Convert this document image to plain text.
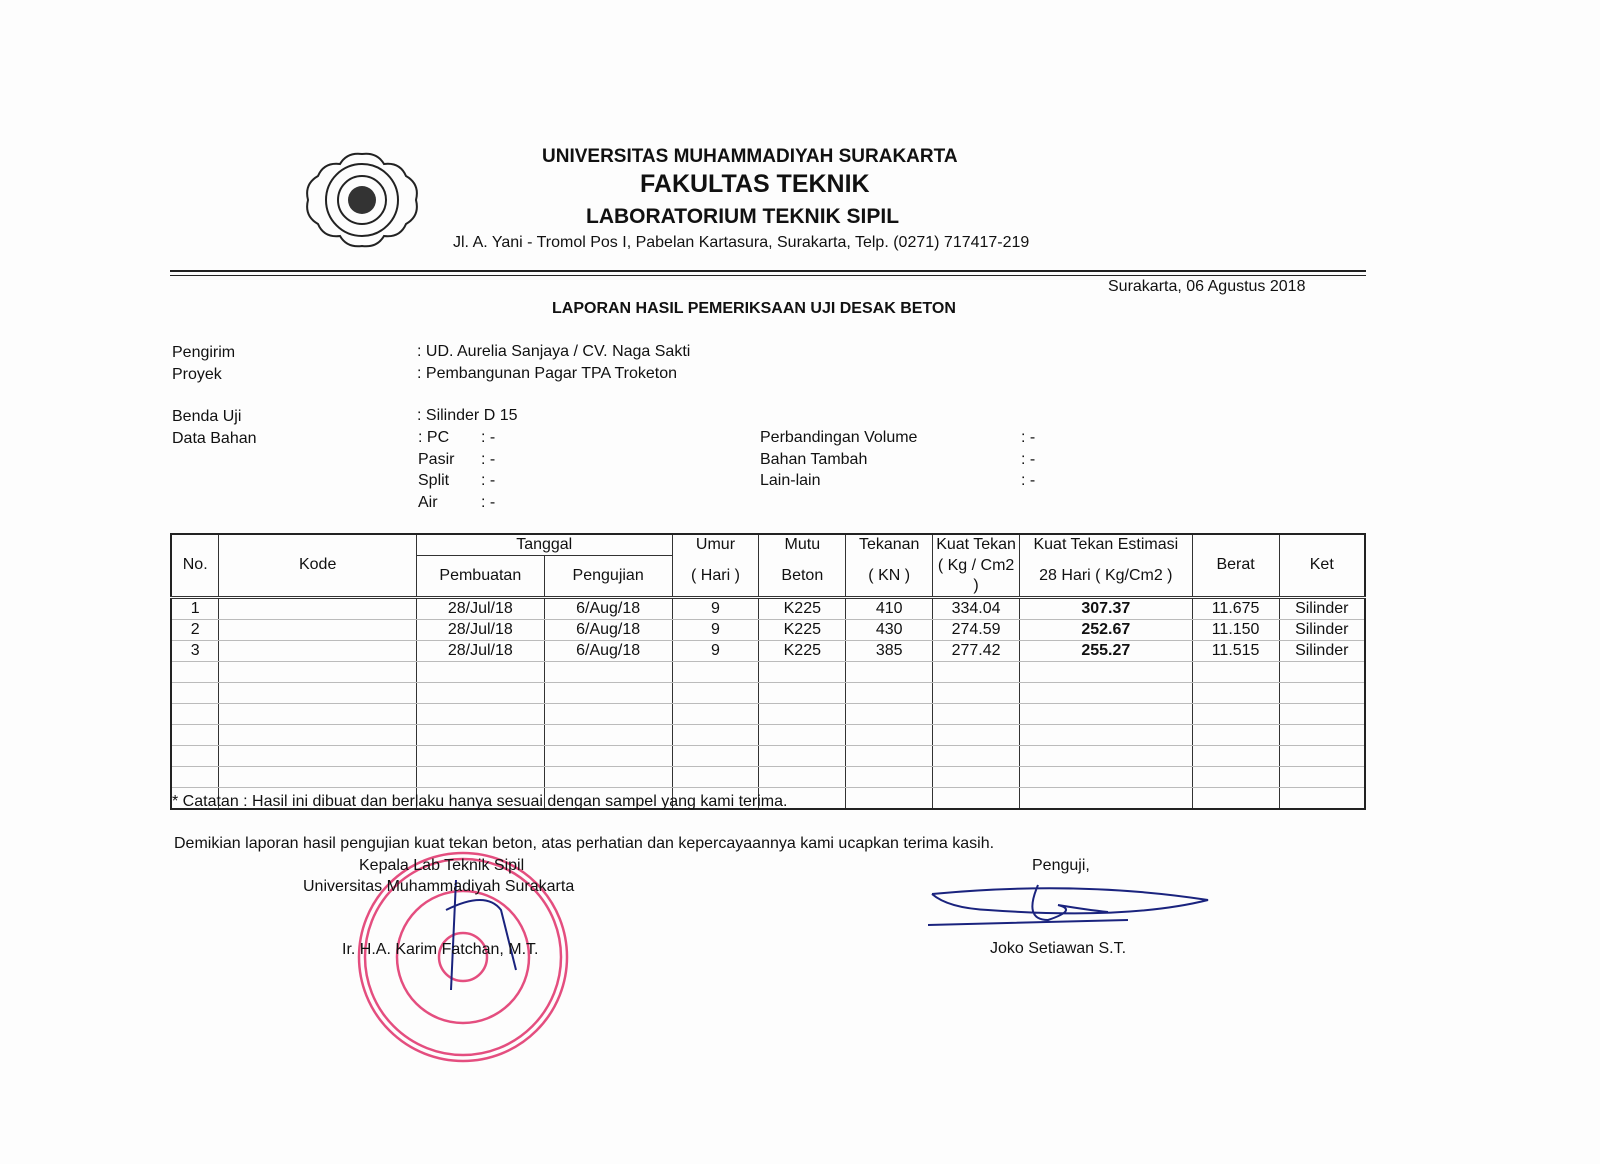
UNIVERSITAS MUHAMMADIYAH SURAKARTA
FAKULTAS TEKNIK
LABORATORIUM TEKNIK SIPIL
Jl. A. Yani - Tromol Pos I, Pabelan Kartasura, Surakarta, Telp. (0271) 717417-219
Surakarta, 06 Agustus 2018
LAPORAN HASIL PEMERIKSAAN UJI DESAK BETON
Pengirim	: UD. Aurelia Sanjaya / CV. Naga Sakti
Proyek	: Pembangunan Pagar TPA Troketon
Benda Uji	: Silinder D 15
Data Bahan	: PC : -
Pasir : -
Split : -
Air	: -
Perbandingan Volume	: -
Bahan Tambah	: -
Lain-lain	: -
No.	Kode	Tanggal		Umur	Mutu	Tekanan	Kuat Tekan	Kuat Tekan Estimasi	Berat	Ket
		Pembuatan	Pengujian	( Hari )	Beton	( KN )	( Kg / Cm2 )	28 Hari ( Kg/Cm2 )		
1		28/Jul/18	6/Aug/18	9	K225	410	334.04	307.37	11.675	Silinder
2		28/Jul/18	6/Aug/18	9	K225	430	274.59	252.67	11.150	Silinder
3		28/Jul/18	6/Aug/18	9	K225	385	277.42	255.27	11.515	Silinder

* Catatan : Hasil ini dibuat dan berlaku hanya sesuai dengan sampel yang kami terima.
Demikian laporan hasil pengujian kuat tekan beton, atas perhatian dan kepercayaannya kami ucapkan terima kasih.
Kepala Lab Teknik Sipil
Universitas Muhammadiyah Surakarta
Ir. H.A. Karim Fatchan, M.T.
Penguji,
Joko Setiawan S.T.
